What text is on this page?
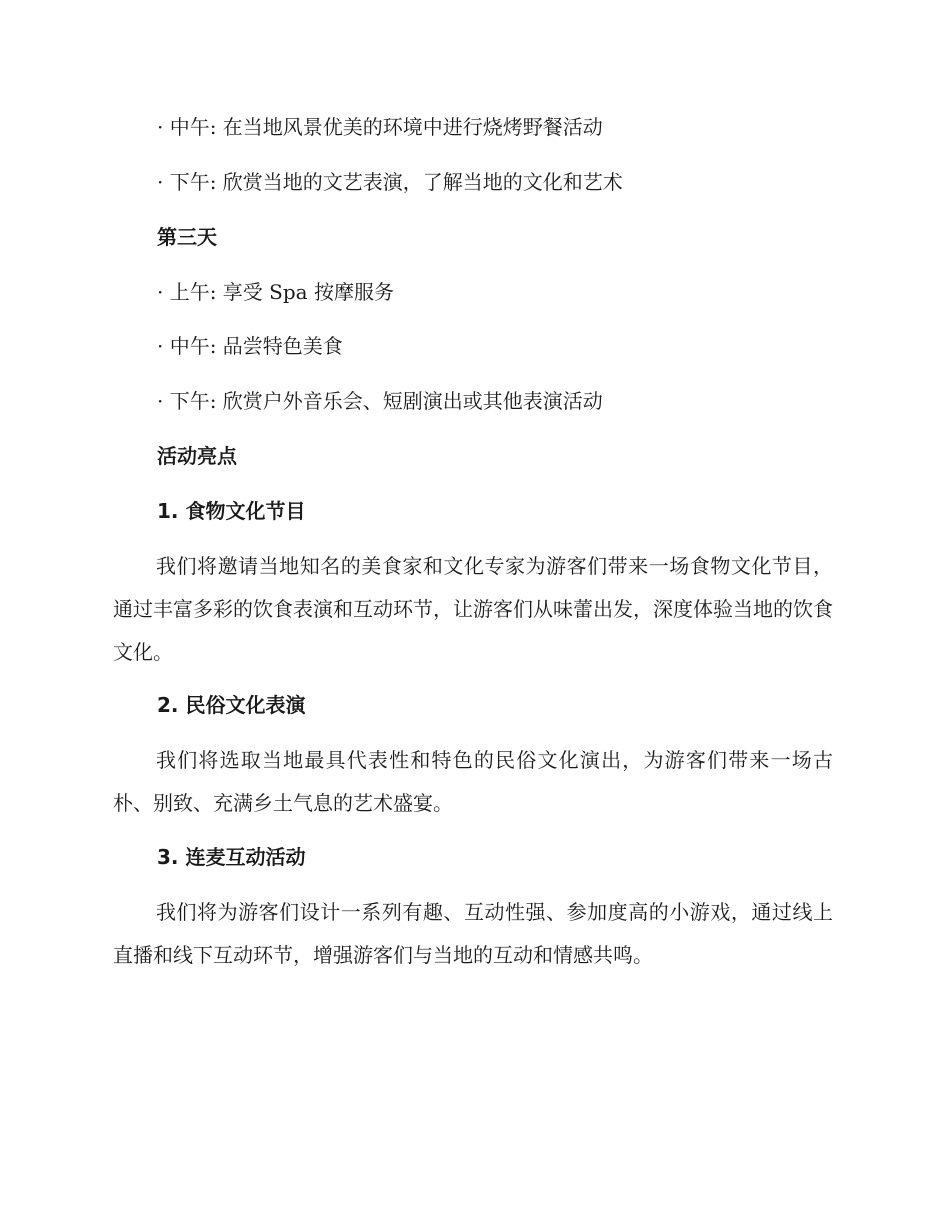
· 中午: 在当地风景优美的环境中进行烧烤野餐活动
· 下午: 欣赏当地的文艺表演，了解当地的文化和艺术
第三天
· 上午: 享受 Spa 按摩服务
· 中午: 品尝特色美食
· 下午: 欣赏户外音乐会、短剧演出或其他表演活动
活动亮点
1. 食物文化节目
我们将邀请当地知名的美食家和文化专家为游客们带来一场食物文化节目，通过丰富多彩的饮食表演和互动环节，让游客们从味蕾出发，深度体验当地的饮食文化。
2. 民俗文化表演
我们将选取当地最具代表性和特色的民俗文化演出，为游客们带来一场古朴、别致、充满乡土气息的艺术盛宴。
3. 连麦互动活动
我们将为游客们设计一系列有趣、互动性强、参加度高的小游戏，通过线上直播和线下互动环节，增强游客们与当地的互动和情感共鸣。
